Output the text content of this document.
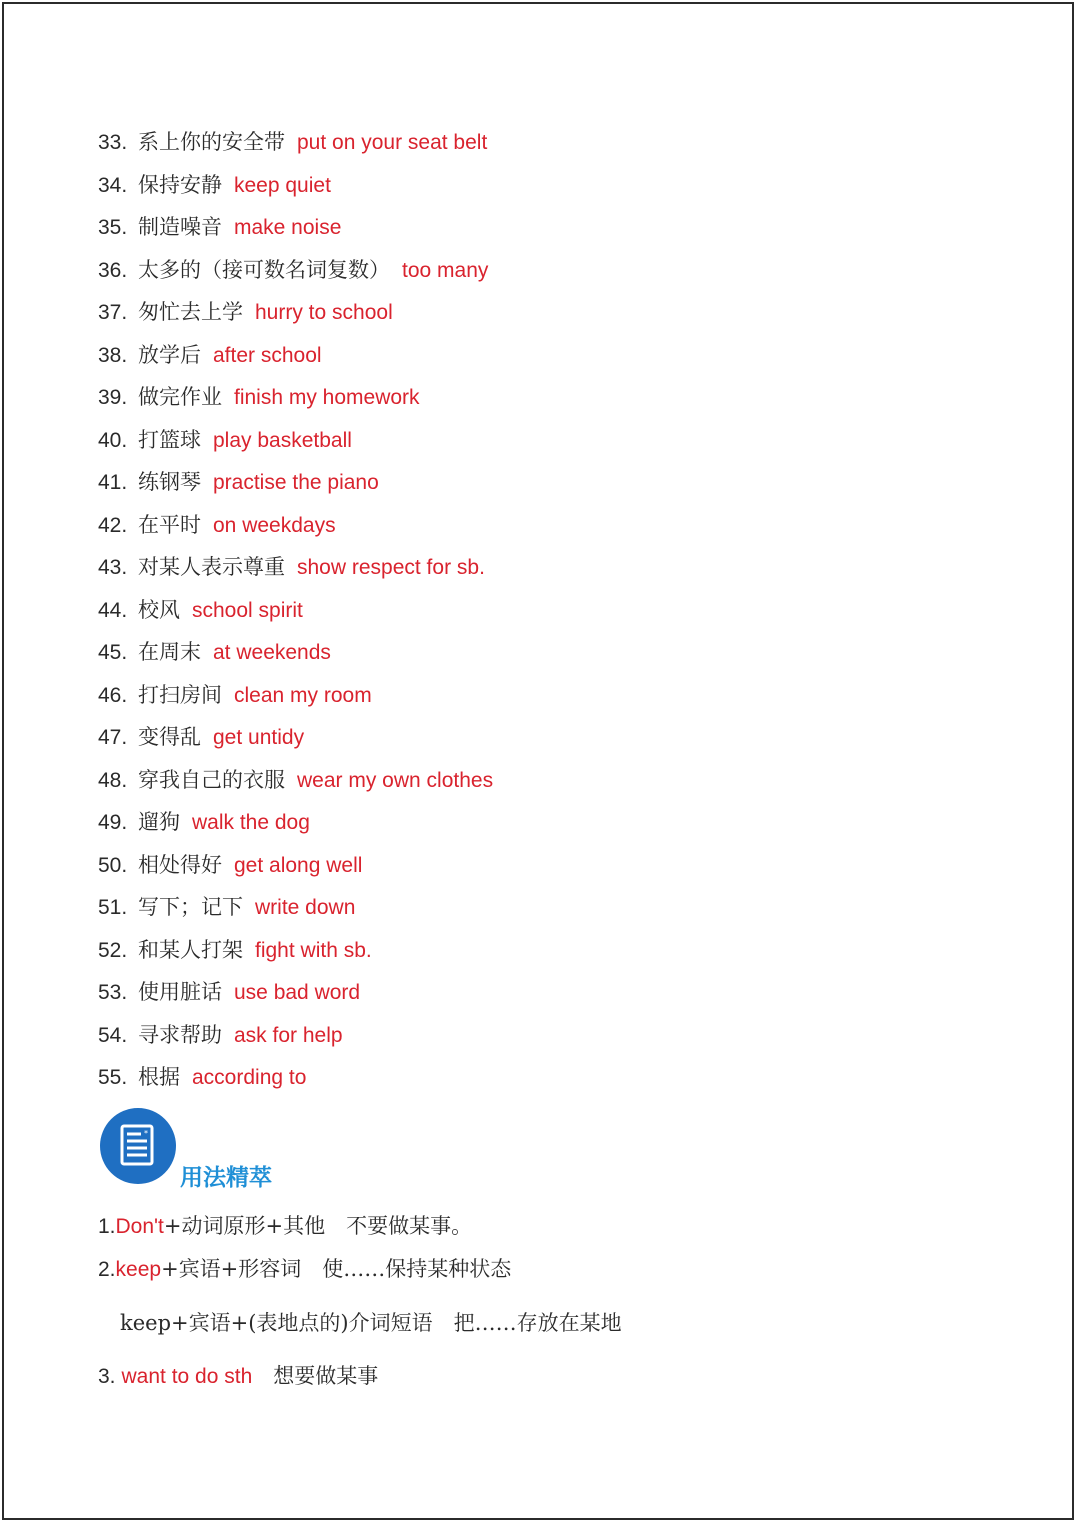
33. 系上你的安全带 put on your seat belt
34. 保持安静 keep quiet
35. 制造噪音 make noise
36. 太多的（接可数名词复数） too many
37. 匆忙去上学 hurry to school
38. 放学后 after school
39. 做完作业 finish my homework
40. 打篮球 play basketball
41. 练钢琴 practise the piano
42. 在平时 on weekdays
43. 对某人表示尊重 show respect for sb.
44. 校风 school spirit
45. 在周末 at weekends
46. 打扫房间 clean my room
47. 变得乱 get untidy
48. 穿我自己的衣服 wear my own clothes
49. 遛狗 walk the dog
50. 相处得好 get along well
51. 写下；记下 write down
52. 和某人打架 fight with sb.
53. 使用脏话 use bad word
54. 寻求帮助 ask for help
55. 根据 according to
*
用法精萃
1.Don't+动词原形+其他　不要做某事。
2.keep+宾语+形容词　使……保持某种状态
keep+宾语+(表地点的)介词短语　把……存放在某地
3. want to do sth　想要做某事
